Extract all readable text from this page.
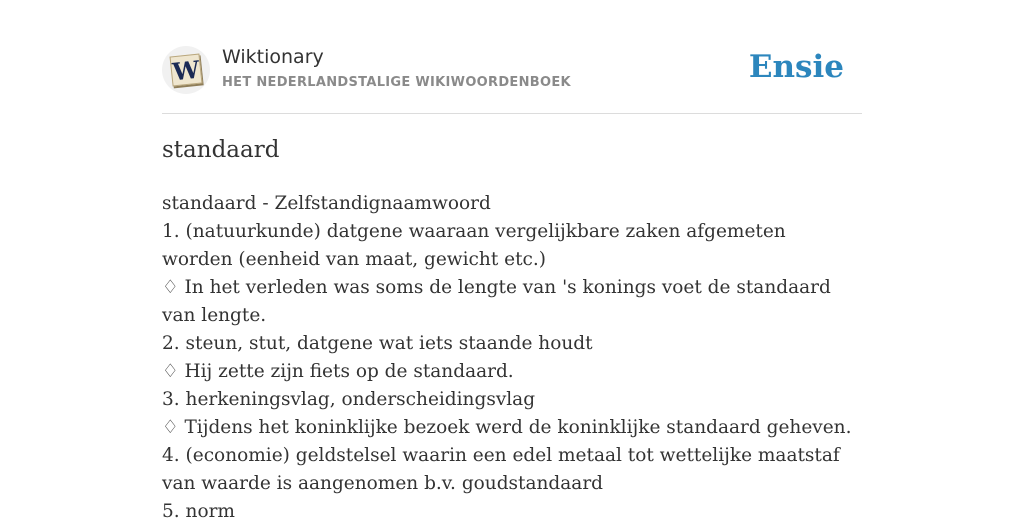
W Wiktionary
HET NEDERLANDSTALIGE WIKIWOORDENBOEK	Ensie
standaard
standaard - Zelfstandignaamwoord
1. (natuurkunde) datgene waaraan vergelijkbare zaken afgemeten worden (eenheid van maat, gewicht etc.)
♢ In het verleden was soms de lengte van 's konings voet de standaard van lengte.
2. steun, stut, datgene wat iets staande houdt
♢ Hij zette zijn fiets op de standaard.
3. herkeningsvlag, onderscheidingsvlag
♢ Tijdens het koninklijke bezoek werd de koninklijke standaard geheven.
4. (economie) geldstelsel waarin een edel metaal tot wettelijke maatstaf van waarde is aangenomen b.v. goudstandaard
5. norm
